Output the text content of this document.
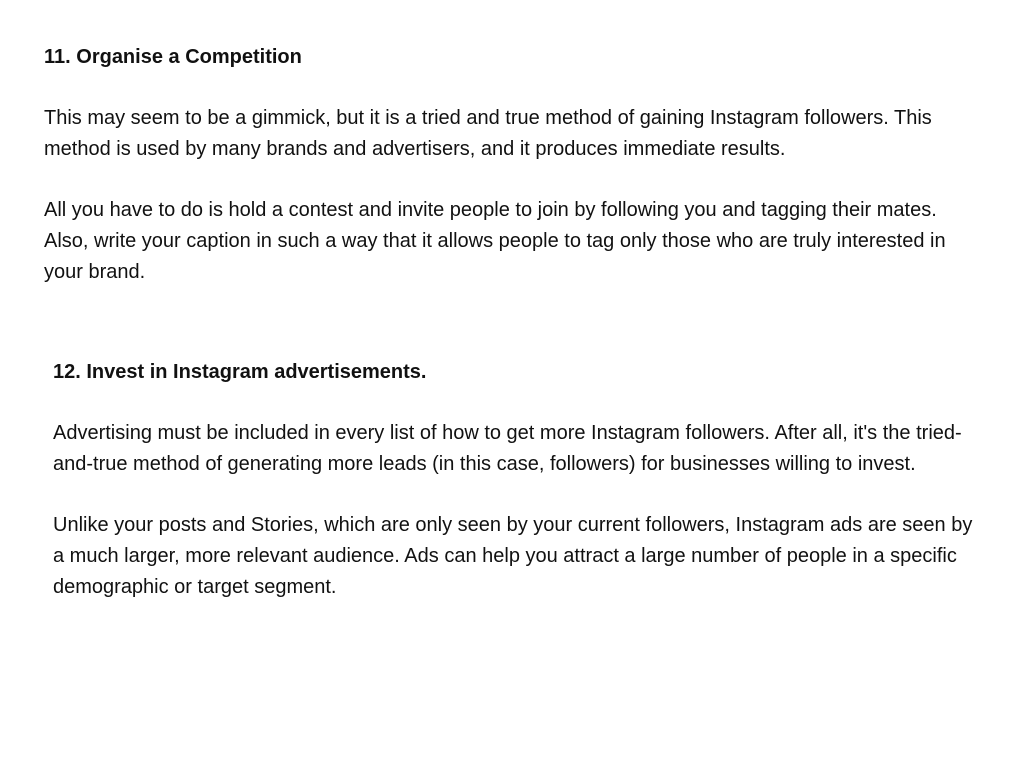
11. Organise a Competition

This may seem to be a gimmick, but it is a tried and true method of gaining Instagram followers. This method is used by many brands and advertisers, and it produces immediate results.

All you have to do is hold a contest and invite people to join by following you and tagging their mates. Also, write your caption in such a way that it allows people to tag only those who are truly interested in your brand.

12. Invest in Instagram advertisements.

Advertising must be included in every list of how to get more Instagram followers. After all, it's the tried-and-true method of generating more leads (in this case, followers) for businesses willing to invest.

Unlike your posts and Stories, which are only seen by your current followers, Instagram ads are seen by a much larger, more relevant audience. Ads can help you attract a large number of people in a specific demographic or target segment.
